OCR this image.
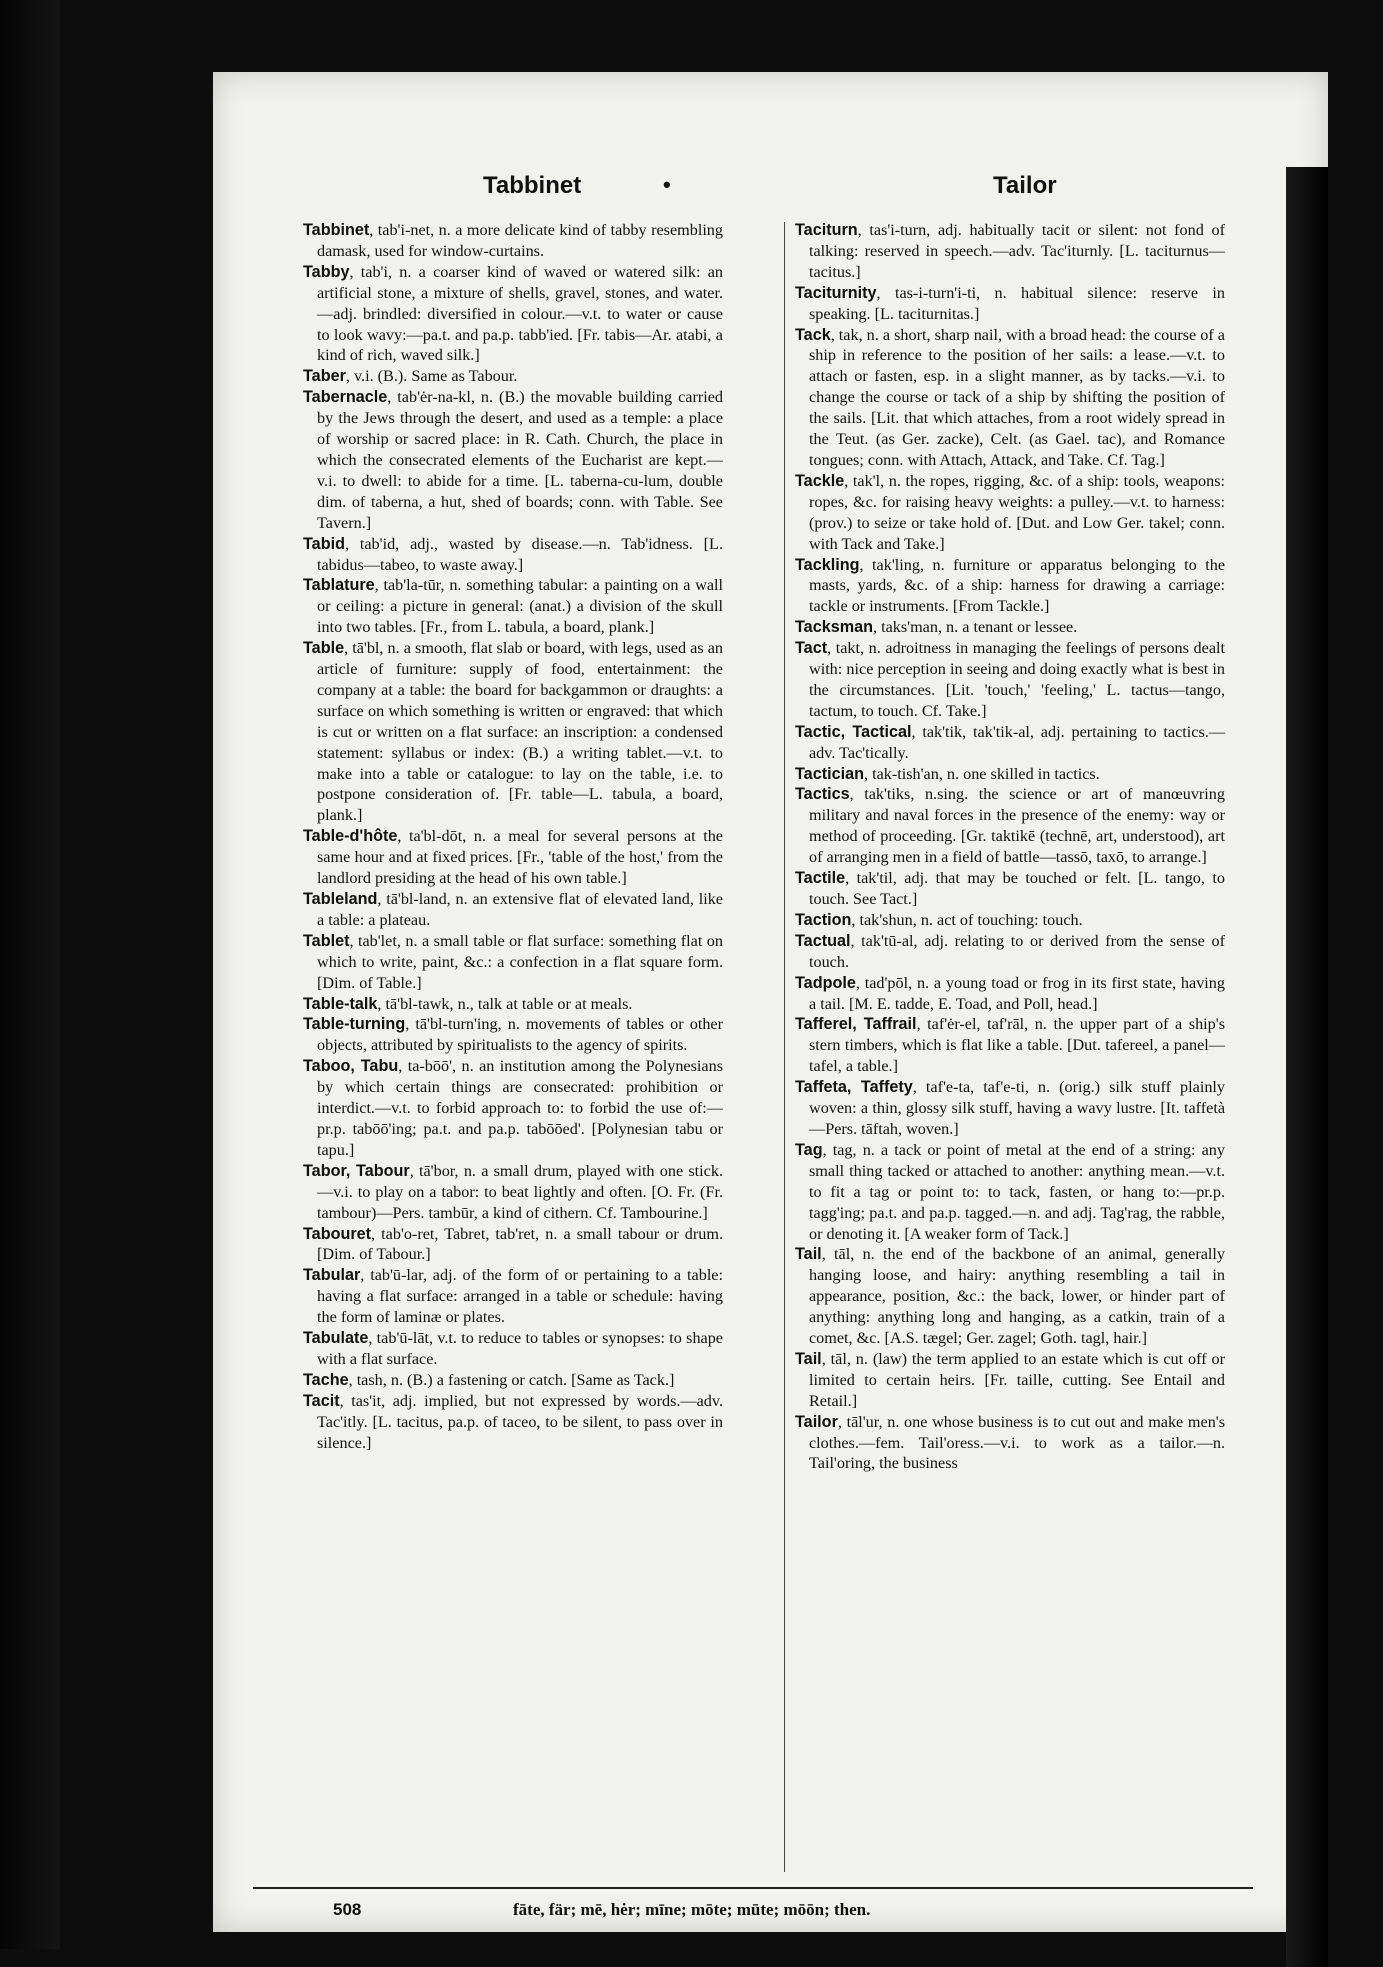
Tabbinet	•	Tailor

Tabbinet, tab'i-net, n. a more delicate kind of tabby resembling damask, used for window-curtains.

Tabby, tab'i, n. a coarser kind of waved or watered silk: an artificial stone, a mixture of shells, gravel, stones, and water.—adj. brindled: diversified in colour.—v.t. to water or cause to look wavy:—pa.t. and pa.p. tabb'ied. [Fr. tabis—Ar. atabi, a kind of rich, waved silk.]

Taber, v.i. (B.). Same as Tabour.

Tabernacle, tab'ėr-na-kl, n. (B.) the movable building carried by the Jews through the desert, and used as a temple: a place of worship or sacred place: in R. Cath. Church, the place in which the consecrated elements of the Eucharist are kept.—v.i. to dwell: to abide for a time. [L. taberna-cu-lum, double dim. of taberna, a hut, shed of boards; conn. with Table. See Tavern.]

Tabid, tab'id, adj., wasted by disease.—n. Tab'idness. [L. tabidus—tabeo, to waste away.]

Tablature, tab'la-tūr, n. something tabular: a painting on a wall or ceiling: a picture in general: (anat.) a division of the skull into two tables. [Fr., from L. tabula, a board, plank.]

Table, tā'bl, n. a smooth, flat slab or board, with legs, used as an article of furniture: supply of food, entertainment: the company at a table: the board for backgammon or draughts: a surface on which something is written or engraved: that which is cut or written on a flat surface: an inscription: a condensed statement: syllabus or index: (B.) a writing tablet.—v.t. to make into a table or catalogue: to lay on the table, i.e. to postpone consideration of. [Fr. table—L. tabula, a board, plank.]

Table-d'hôte, ta'bl-dōt, n. a meal for several persons at the same hour and at fixed prices. [Fr., 'table of the host,' from the landlord presiding at the head of his own table.]

Tableland, tā'bl-land, n. an extensive flat of elevated land, like a table: a plateau.

Tablet, tab'let, n. a small table or flat surface: something flat on which to write, paint, &c.: a confection in a flat square form. [Dim. of Table.]

Table-talk, tā'bl-tawk, n., talk at table or at meals.

Table-turning, tā'bl-turn'ing, n. movements of tables or other objects, attributed by spiritualists to the agency of spirits.

Taboo, Tabu, ta-bōō', n. an institution among the Polynesians by which certain things are consecrated: prohibition or interdict.—v.t. to forbid approach to: to forbid the use of:—pr.p. tabōō'ing; pa.t. and pa.p. tabōōed'. [Polynesian tabu or tapu.]

Tabor, Tabour, tā'bor, n. a small drum, played with one stick.—v.i. to play on a tabor: to beat lightly and often. [O. Fr. (Fr. tambour)—Pers. tambūr, a kind of cithern. Cf. Tambourine.]

Tabouret, tab'o-ret, Tabret, tab'ret, n. a small tabour or drum. [Dim. of Tabour.]

Tabular, tab'ū-lar, adj. of the form of or pertaining to a table: having a flat surface: arranged in a table or schedule: having the form of laminæ or plates.

Tabulate, tab'ū-lāt, v.t. to reduce to tables or synopses: to shape with a flat surface.

Tache, tash, n. (B.) a fastening or catch. [Same as Tack.]

Tacit, tas'it, adj. implied, but not expressed by words.—adv. Tac'itly. [L. tacitus, pa.p. of taceo, to be silent, to pass over in silence.]

Taciturn, tas'i-turn, adj. habitually tacit or silent: not fond of talking: reserved in speech.—adv. Tac'iturnly. [L. taciturnus—tacitus.]

Taciturnity, tas-i-turn'i-ti, n. habitual silence: reserve in speaking. [L. taciturnitas.]

Tack, tak, n. a short, sharp nail, with a broad head: the course of a ship in reference to the position of her sails: a lease.—v.t. to attach or fasten, esp. in a slight manner, as by tacks.—v.i. to change the course or tack of a ship by shifting the position of the sails. [Lit. that which attaches, from a root widely spread in the Teut. (as Ger. zacke), Celt. (as Gael. tac), and Romance tongues; conn. with Attach, Attack, and Take. Cf. Tag.]

Tackle, tak'l, n. the ropes, rigging, &c. of a ship: tools, weapons: ropes, &c. for raising heavy weights: a pulley.—v.t. to harness: (prov.) to seize or take hold of. [Dut. and Low Ger. takel; conn. with Tack and Take.]

Tackling, tak'ling, n. furniture or apparatus belonging to the masts, yards, &c. of a ship: harness for drawing a carriage: tackle or instruments. [From Tackle.]

Tacksman, taks'man, n. a tenant or lessee.

Tact, takt, n. adroitness in managing the feelings of persons dealt with: nice perception in seeing and doing exactly what is best in the circumstances. [Lit. 'touch,' 'feeling,' L. tactus—tango, tactum, to touch. Cf. Take.]

Tactic, Tactical, tak'tik, tak'tik-al, adj. pertaining to tactics.—adv. Tac'tically.

Tactician, tak-tish'an, n. one skilled in tactics.

Tactics, tak'tiks, n.sing. the science or art of manœuvring military and naval forces in the presence of the enemy: way or method of proceeding. [Gr. taktikē (technē, art, understood), art of arranging men in a field of battle—tassō, taxō, to arrange.]

Tactile, tak'til, adj. that may be touched or felt. [L. tango, to touch. See Tact.]

Taction, tak'shun, n. act of touching: touch.

Tactual, tak'tū-al, adj. relating to or derived from the sense of touch.

Tadpole, tad'pōl, n. a young toad or frog in its first state, having a tail. [M. E. tadde, E. Toad, and Poll, head.]

Tafferel, Taffrail, taf'ėr-el, taf'rāl, n. the upper part of a ship's stern timbers, which is flat like a table. [Dut. tafereel, a panel—tafel, a table.]

Taffeta, Taffety, taf'e-ta, taf'e-ti, n. (orig.) silk stuff plainly woven: a thin, glossy silk stuff, having a wavy lustre. [It. taffetà—Pers. tāftah, woven.]

Tag, tag, n. a tack or point of metal at the end of a string: any small thing tacked or attached to another: anything mean.—v.t. to fit a tag or point to: to tack, fasten, or hang to:—pr.p. tagg'ing; pa.t. and pa.p. tagged.—n. and adj. Tag'rag, the rabble, or denoting it. [A weaker form of Tack.]

Tail, tāl, n. the end of the backbone of an animal, generally hanging loose, and hairy: anything resembling a tail in appearance, position, &c.: the back, lower, or hinder part of anything: anything long and hanging, as a catkin, train of a comet, &c. [A.S. tægel; Ger. zagel; Goth. tagl, hair.]

Tail, tāl, n. (law) the term applied to an estate which is cut off or limited to certain heirs. [Fr. taille, cutting. See Entail and Retail.]

Tailor, tāl'ur, n. one whose business is to cut out and make men's clothes.—fem. Tail'oress.—v.i. to work as a tailor.—n. Tail'oring, the business

508	fāte, fär; mē, hėr; mīne; mōte; mūte; mōōn; then.
